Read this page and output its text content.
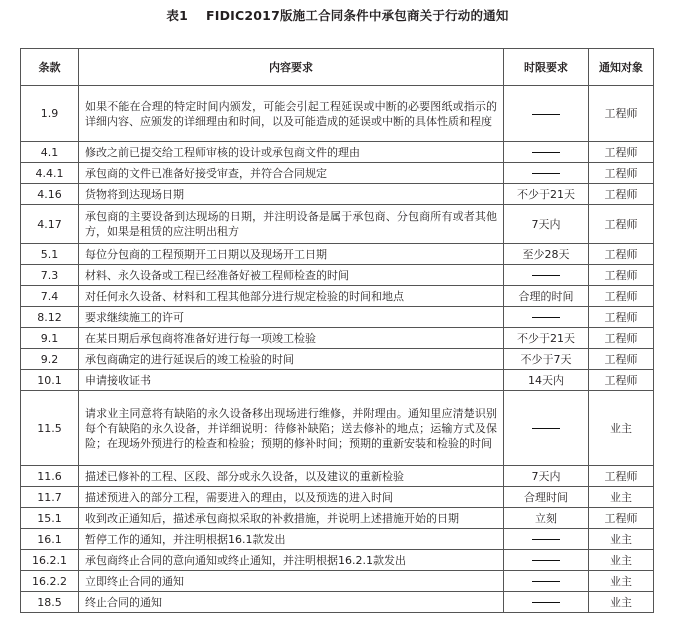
表1 FIDIC2017版施工合同条件中承包商关于行动的通知
条款	内容要求	时限要求	通知对象
1.9	如果不能在合理的特定时间内颁发，可能会引起工程延误或中断的必要图纸或指示的详细内容、应颁发的详细理由和时间，以及可能造成的延误或中断的具体性质和程度		工程师
4.1	修改之前已提交给工程师审核的设计或承包商文件的理由		工程师
4.4.1	承包商的文件已准备好接受审查，并符合合同规定		工程师
4.16	货物将到达现场日期	不少于21天	工程师
4.17	承包商的主要设备到达现场的日期，并注明设备是属于承包商、分包商所有或者其他方，如果是租赁的应注明出租方	7天内	工程师
5.1	每位分包商的工程预期开工日期以及现场开工日期	至少28天	工程师
7.3	材料、永久设备或工程已经准备好被工程师检查的时间		工程师
7.4	对任何永久设备、材料和工程其他部分进行规定检验的时间和地点	合理的时间	工程师
8.12	要求继续施工的许可		工程师
9.1	在某日期后承包商将准备好进行每一项竣工检验	不少于21天	工程师
9.2	承包商确定的进行延误后的竣工检验的时间	不少于7天	工程师
10.1	申请接收证书	14天内	工程师
11.5	请求业主同意将有缺陷的永久设备移出现场进行维修，并附理由。通知里应清楚识别每个有缺陷的永久设备，并详细说明：待修补缺陷；送去修补的地点；运输方式及保险；在现场外预进行的检查和检验；预期的修补时间；预期的重新安装和检验的时间		业主
11.6	描述已修补的工程、区段、部分或永久设备，以及建议的重新检验	7天内	工程师
11.7	描述预进入的部分工程，需要进入的理由，以及预选的进入时间	合理时间	业主
15.1	收到改正通知后，描述承包商拟采取的补救措施，并说明上述措施开始的日期	立刻	工程师
16.1	暂停工作的通知，并注明根据16.1款发出		业主
16.2.1	承包商终止合同的意向通知或终止通知，并注明根据16.2.1款发出		业主
16.2.2	立即终止合同的通知		业主
18.5	终止合同的通知		业主
